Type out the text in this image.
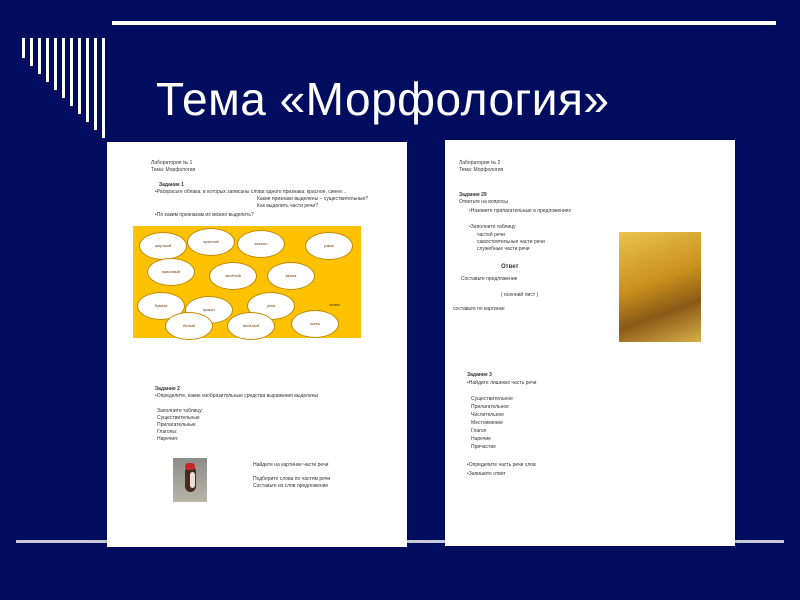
Тема «Морфология»
Лаборатория № 1
Тема: Морфология
Задание 1
• Раскрасьте облака, в которых записаны слова одного признака: красное, синее…
Какие признаки выделены – существительные?
Как выделить части речи?
• По каким признакам их можно выделить?
широкий
красный	весело	узкие
красивый
зелёный	весна
бумага
красит
река
белый	весёлый	осень
снова
Задание 2
• Определите, какие изобразительные средства выражения выделены
Заполните таблицу:
Существительные
Прилагательные
Глаголы:
Наречия:
Найдите на картинке части речи
Подберите слова по частям речи
Составьте из слов предложение
Лаборатория № 2
Тема: Морфология
Задание 29
Ответьте на вопросы
• Назовите прилагательные в предложениях
• Заполните таблицу
частей речи
самостоятельные части речи
служебные части речи
Ответ
Составьте предложение
( осенний лист )
составьте по картинке
Задание 3
• Найдите лишнюю часть речи
Существительное
Прилагательное
Числительное
Местоимение
Глагол
Наречие
Причастие
• Определите часть речи слов
• Запишите ответ
